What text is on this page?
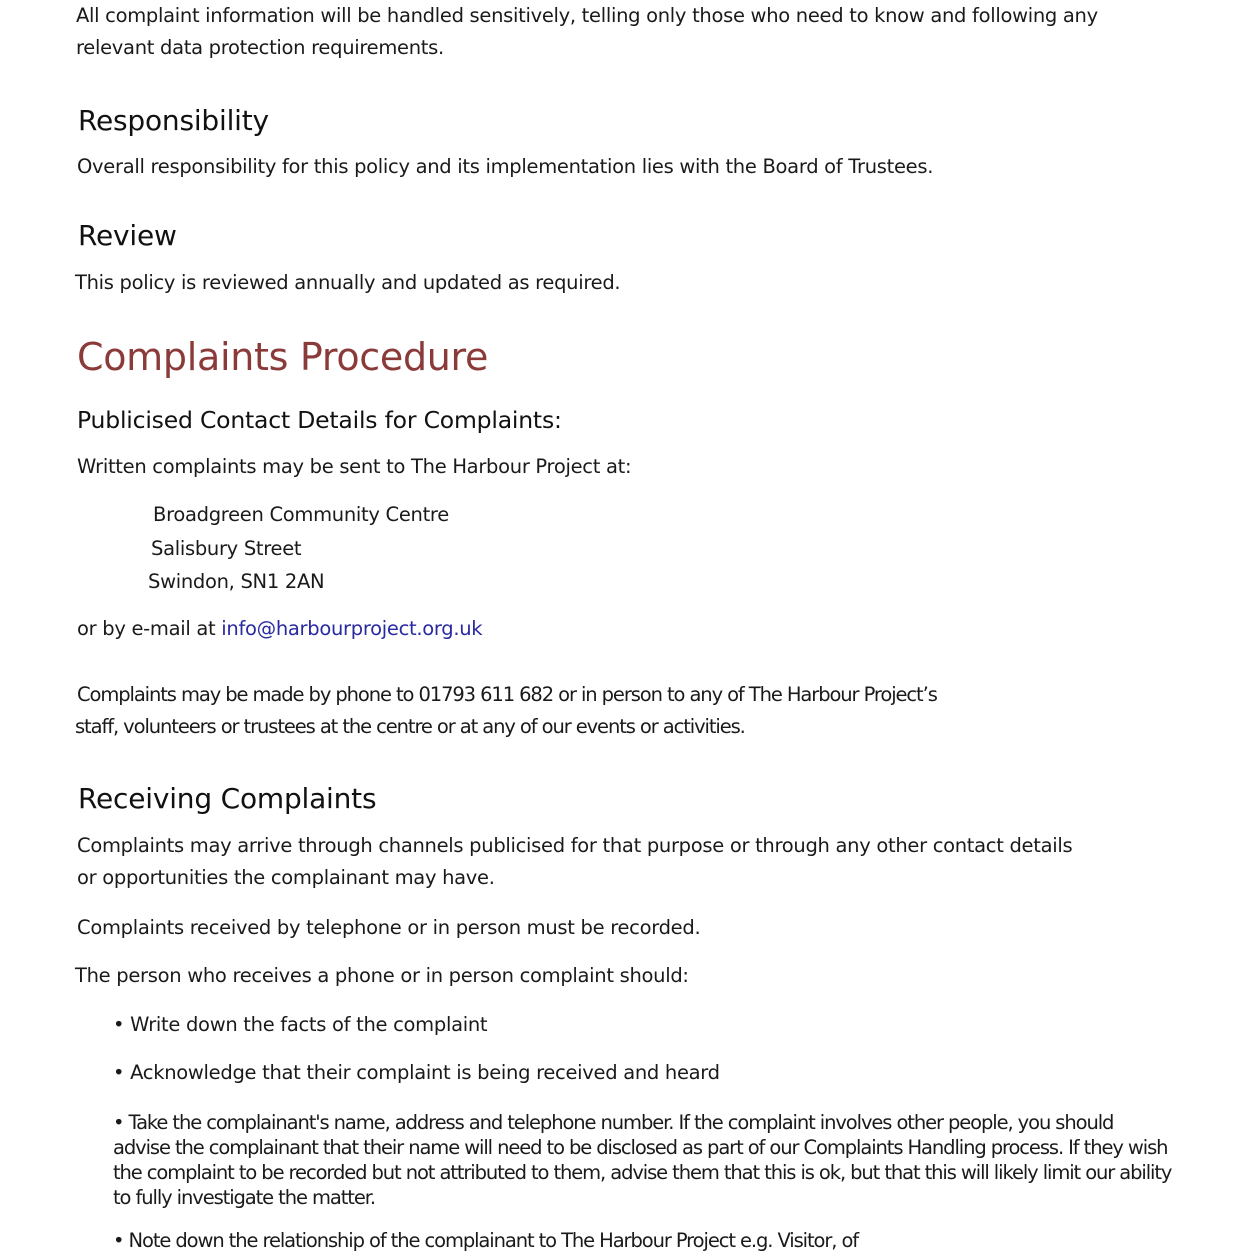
All complaint information will be handled sensitively, telling only those who need to know and following any
relevant data protection requirements.
Responsibility
Overall responsibility for this policy and its implementation lies with the Board of Trustees.
Review
This policy is reviewed annually and updated as required.
Complaints Procedure
Publicised Contact Details for Complaints:
Written complaints may be sent to The Harbour Project at:
Broadgreen Community Centre
Salisbury Street
Swindon, SN1 2AN
or by e-mail at info@harbourproject.org.uk
Complaints may be made by phone to 01793 611 682 or in person to any of The Harbour Project’s
staff, volunteers or trustees at the centre or at any of our events or activities.
Receiving Complaints
Complaints may arrive through channels publicised for that purpose or through any other contact details
or opportunities the complainant may have.
Complaints received by telephone or in person must be recorded.
The person who receives a phone or in person complaint should:
• Write down the facts of the complaint
• Acknowledge that their complaint is being received and heard
• Take the complainant's name, address and telephone number. If the complaint involves other people, you should advise the complainant that their name will need to be disclosed as part of our Complaints Handling process. If they wish the complaint to be recorded but not attributed to them, advise them that this is ok, but that this will likely limit our ability to fully investigate the matter.
• Note down the relationship of the complainant to The Harbour Project e.g. Visitor, of
